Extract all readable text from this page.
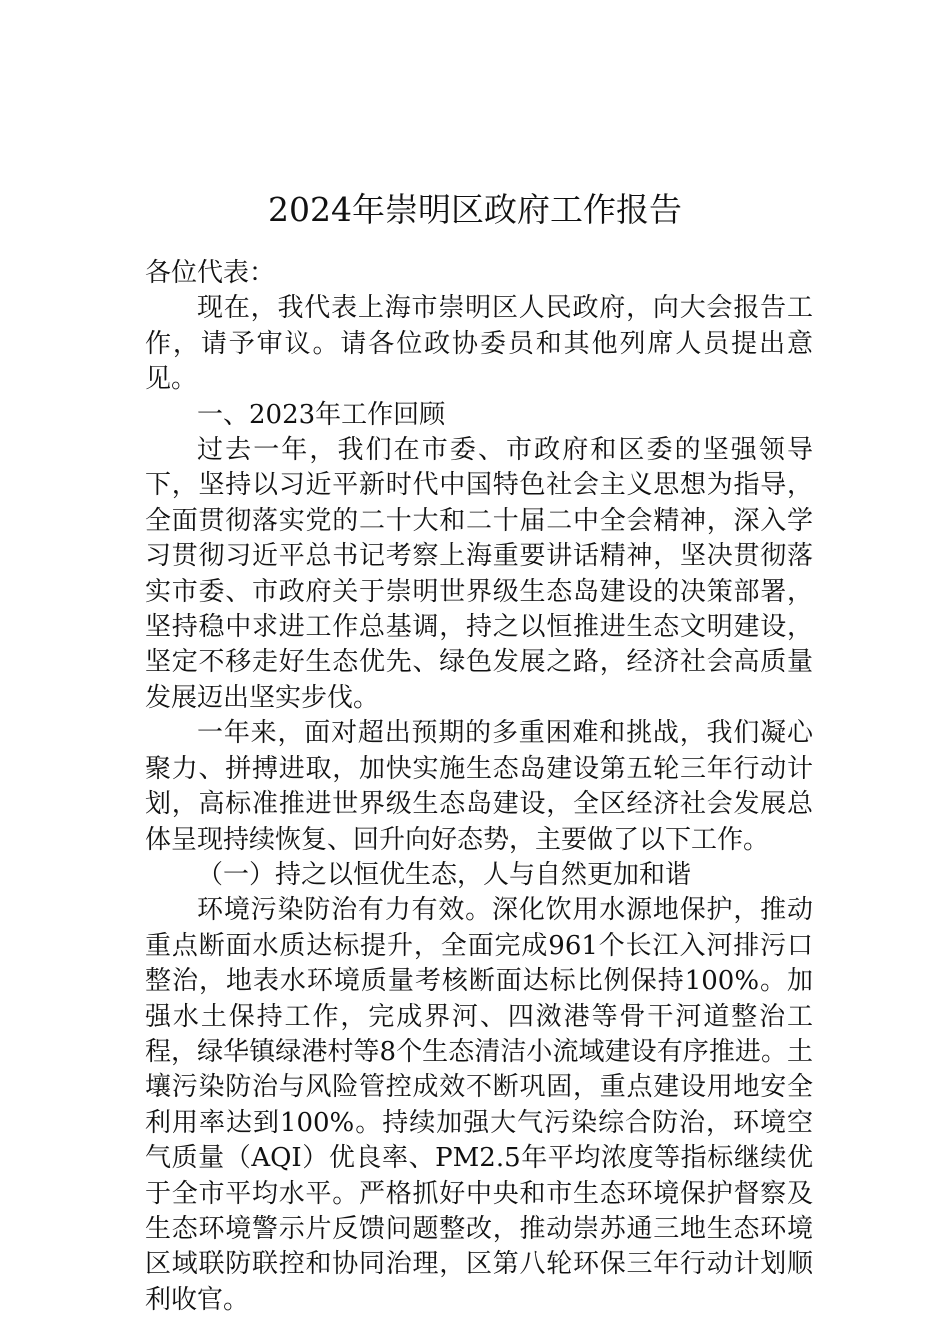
2024年崇明区政府工作报告

各位代表：

现在，我代表上海市崇明区人民政府，向大会报告工作，请予审议。请各位政协委员和其他列席人员提出意见。

一、2023年工作回顾

过去一年，我们在市委、市政府和区委的坚强领导下，坚持以习近平新时代中国特色社会主义思想为指导，全面贯彻落实党的二十大和二十届二中全会精神，深入学习贯彻习近平总书记考察上海重要讲话精神，坚决贯彻落实市委、市政府关于崇明世界级生态岛建设的决策部署，坚持稳中求进工作总基调，持之以恒推进生态文明建设，坚定不移走好生态优先、绿色发展之路，经济社会高质量发展迈出坚实步伐。

一年来，面对超出预期的多重困难和挑战，我们凝心聚力、拼搏进取，加快实施生态岛建设第五轮三年行动计划，高标准推进世界级生态岛建设，全区经济社会发展总体呈现持续恢复、回升向好态势，主要做了以下工作。

（一）持之以恒优生态，人与自然更加和谐

环境污染防治有力有效。深化饮用水源地保护，推动重点断面水质达标提升，全面完成961个长江入河排污口整治，地表水环境质量考核断面达标比例保持100%。加强水土保持工作，完成界河、四滧港等骨干河道整治工程，绿华镇绿港村等8个生态清洁小流域建设有序推进。土壤污染防治与风险管控成效不断巩固，重点建设用地安全利用率达到100%。持续加强大气污染综合防治，环境空气质量（AQI）优良率、PM2.5年平均浓度等指标继续优于全市平均水平。严格抓好中央和市生态环境保护督察及生态环境警示片反馈问题整改，推动崇苏通三地生态环境区域联防联控和协同治理，区第八轮环保三年行动计划顺利收官。
